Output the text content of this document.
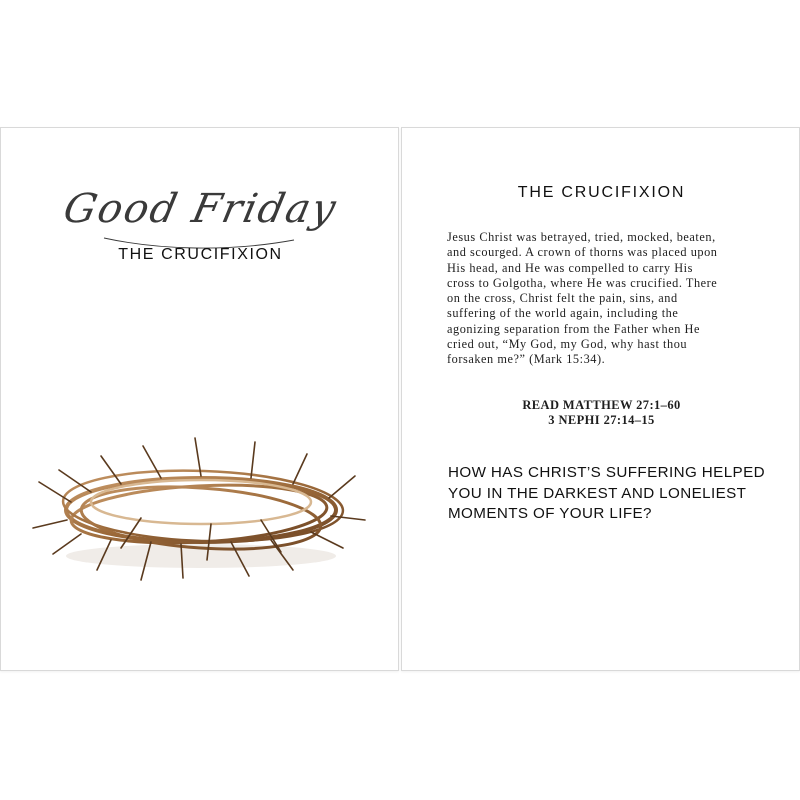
Good Friday
THE CRUCIFIXION
THE CRUCIFIXION
Jesus Christ was betrayed, tried, mocked, beaten,
and scourged. A crown of thorns was placed upon
His head, and He was compelled to carry His
cross to Golgotha, where He was crucified. There
on the cross, Christ felt the pain, sins, and
suffering of the world again, including the
agonizing separation from the Father when He
cried out, “My God, my God, why hast thou
forsaken me?” (Mark 15:34).
READ MATTHEW 27:1–60
3 NEPHI 27:14–15
HOW HAS CHRIST’S SUFFERING HELPED
YOU IN THE DARKEST AND LONELIEST
MOMENTS OF YOUR LIFE?
